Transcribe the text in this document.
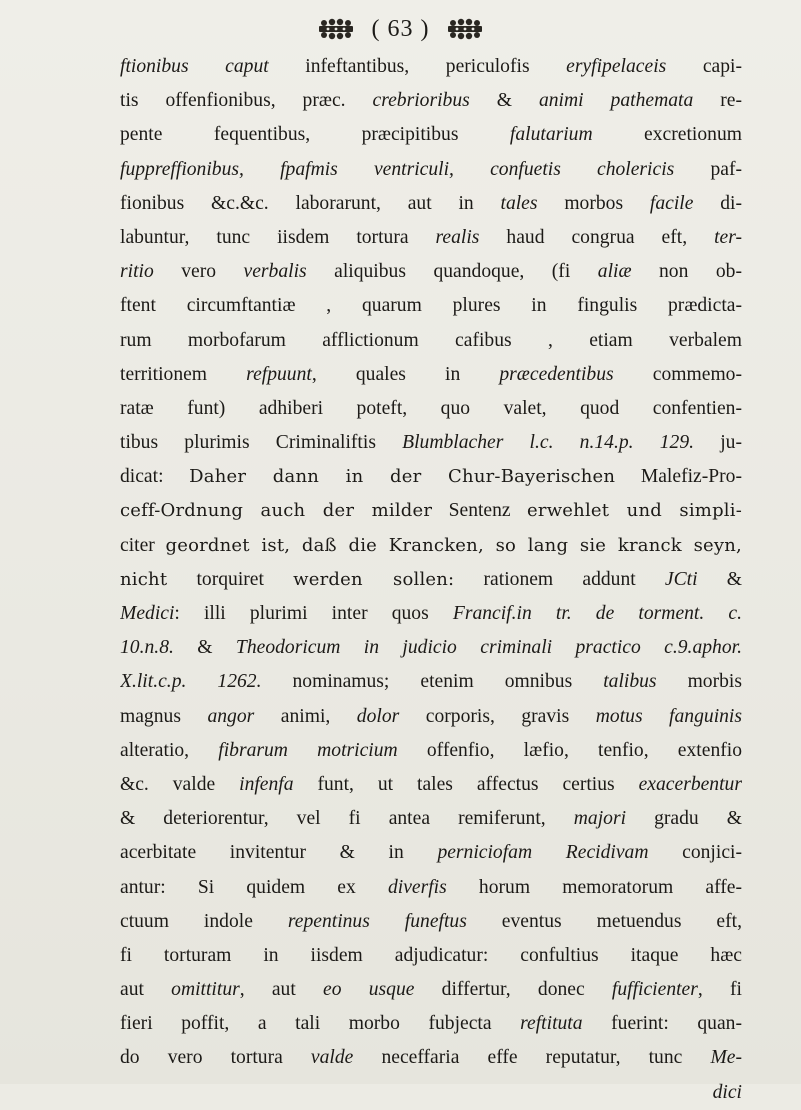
( 63 )
ftionibus caput infeftantibus, periculofis eryfipelaceis capi-
tis offenfionibus, præc. crebrioribus & animi pathemata re-
pente fequentibus, præcipitibus falutarium excretionum
fuppreffionibus, fpafmis ventriculi, confuetis cholericis paf-
fionibus &c.&c. laborarunt, aut in tales morbos facile di-
labuntur, tunc iisdem tortura realis haud congrua eft, ter-
ritio vero verbalis aliquibus quandoque, (fi aliæ non ob-
ftent circumftantiæ , quarum plures in fingulis prædicta-
rum morbofarum afflictionum cafibus , etiam verbalem
territionem refpuunt, quales in præcedentibus commemo-
ratæ funt) adhiberi poteft, quo valet, quod confentien-
tibus plurimis Criminaliftis Blumblacher l.c. n.14.p. 129. ju-
dicat: Daher dann in der Chur-Bayerischen Malefiz-Pro-
ceff-Ordnung auch der milder Sentenz erwehlet und simpli-
citer geordnet ist, daß die Krancken, so lang sie kranck seyn,
nicht torquiret werden sollen: rationem addunt JCti &
Medici: illi plurimi inter quos Francif.in tr. de torment. c.
10.n.8. & Theodoricum in judicio criminali practico c.9.aphor.
X.lit.c.p. 1262. nominamus; etenim omnibus talibus morbis
magnus angor animi, dolor corporis, gravis motus fanguinis
alteratio, fibrarum motricium offenfio, læfio, tenfio, extenfio
&c. valde infenfa funt, ut tales affectus certius exacerbentur
& deteriorentur, vel fi antea remiferunt, majori gradu &
acerbitate invitentur & in perniciofam Recidivam conjici-
antur: Si quidem ex diverfis horum memoratorum affe-
ctuum indole repentinus funeftus eventus metuendus eft,
fi torturam in iisdem adjudicatur: confultius itaque hæc
aut omittitur, aut eo usque differtur, donec fufficienter, fi
fieri poffit, a tali morbo fubjecta reftituta fuerint: quan-
do vero tortura valde neceffaria effe reputatur, tunc Me-
dici
